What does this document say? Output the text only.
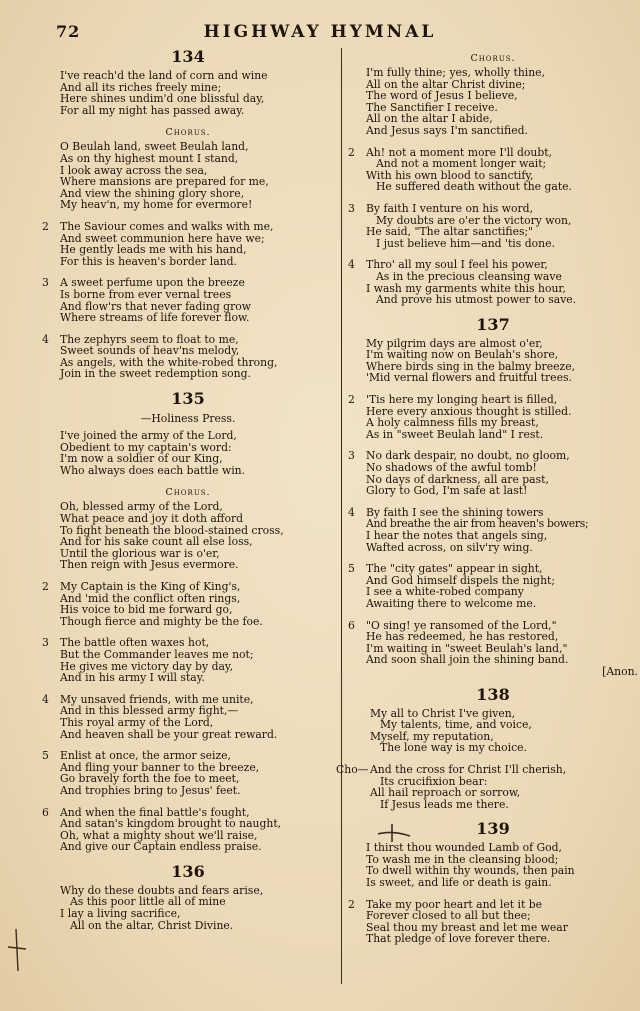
72	HIGHWAY HYMNAL
134
I've reach'd the land of corn and wine
And all its riches freely mine;
Here shines undim'd one blissful day,
For all my night has passed away.
Chorus.
O Beulah land, sweet Beulah land,
As on thy highest mount I stand,
I look away across the sea,
Where mansions are prepared for me,
And view the shining glory shore,
My heav'n, my home for evermore!
2 The Saviour comes and walks with me,
And sweet communion here have we;
He gently leads me with his hand,
For this is heaven's border land.
3 A sweet perfume upon the breeze
Is borne from ever vernal trees
And flow'rs that never fading grow
Where streams of life forever flow.
4 The zephyrs seem to float to me,
Sweet sounds of heav'ns melody,
As angels, with the white-robed throng,
Join in the sweet redemption song.
135
—Holiness Press.
I've joined the army of the Lord,
Obedient to my captain's word:
I'm now a soldier of our King,
Who always does each battle win.
Chorus.
Oh, blessed army of the Lord,
What peace and joy it doth afford
To fight beneath the blood-stained cross,
And for his sake count all else loss,
Until the glorious war is o'er,
Then reign with Jesus evermore.
2 My Captain is the King of King's,
And 'mid the conflict often rings,
His voice to bid me forward go,
Though fierce and mighty be the foe.
3 The battle often waxes hot,
But the Commander leaves me not;
He gives me victory day by day,
And in his army I will stay.
4 My unsaved friends, with me unite,
And in this blessed army fight,—
This royal army of the Lord,
And heaven shall be your great reward.
5 Enlist at once, the armor seize,
And fling your banner to the breeze,
Go bravely forth the foe to meet,
And trophies bring to Jesus' feet.
6 And when the final battle's fought,
And satan's kingdom brought to naught,
Oh, what a mighty shout we'll raise,
And give our Captain endless praise.
136
Why do these doubts and fears arise,
As this poor little all of mine
I lay a living sacrifice,
All on the altar, Christ Divine.
Chorus.
I'm fully thine; yes, wholly thine,
All on the altar Christ divine;
The word of Jesus I believe,
The Sanctifier I receive.
All on the altar I abide,
And Jesus says I'm sanctified.
2 Ah! not a moment more I'll doubt,
And not a moment longer wait;
With his own blood to sanctify,
He suffered death without the gate.
3 By faith I venture on his word,
My doubts are o'er the victory won,
He said, "The altar sanctifies;"
I just believe him—and 'tis done.
4 Thro' all my soul I feel his power,
As in the precious cleansing wave
I wash my garments white this hour,
And prove his utmost power to save.
137
My pilgrim days are almost o'er,
I'm waiting now on Beulah's shore,
Where birds sing in the balmy breeze,
'Mid vernal flowers and fruitful trees.
2 'Tis here my longing heart is filled,
Here every anxious thought is stilled.
A holy calmness fills my breast,
As in "sweet Beulah land" I rest.
3 No dark despair, no doubt, no gloom,
No shadows of the awful tomb!
No days of darkness, all are past,
Glory to God, I'm safe at last!
4 By faith I see the shining towers
And breathe the air from heaven's bowers;
I hear the notes that angels sing,
Wafted across, on silv'ry wing.
5 The "city gates" appear in sight,
And God himself dispels the night;
I see a white-robed company
Awaiting there to welcome me.
6 "O sing! ye ransomed of the Lord,"
He has redeemed, he has restored,
I'm waiting in "sweet Beulah's land,"
And soon shall join the shining band.
[Anon.
138
My all to Christ I've given,
My talents, time, and voice,
Myself, my reputation,
The lone way is my choice.
Cho— And the cross for Christ I'll cherish,
Its crucifixion bear:
All hail reproach or sorrow,
If Jesus leads me there.
139
I thirst thou wounded Lamb of God,
To wash me in the cleansing blood;
To dwell within thy wounds, then pain
Is sweet, and life or death is gain.
2 Take my poor heart and let it be
Forever closed to all but thee;
Seal thou my breast and let me wear
That pledge of love forever there.
